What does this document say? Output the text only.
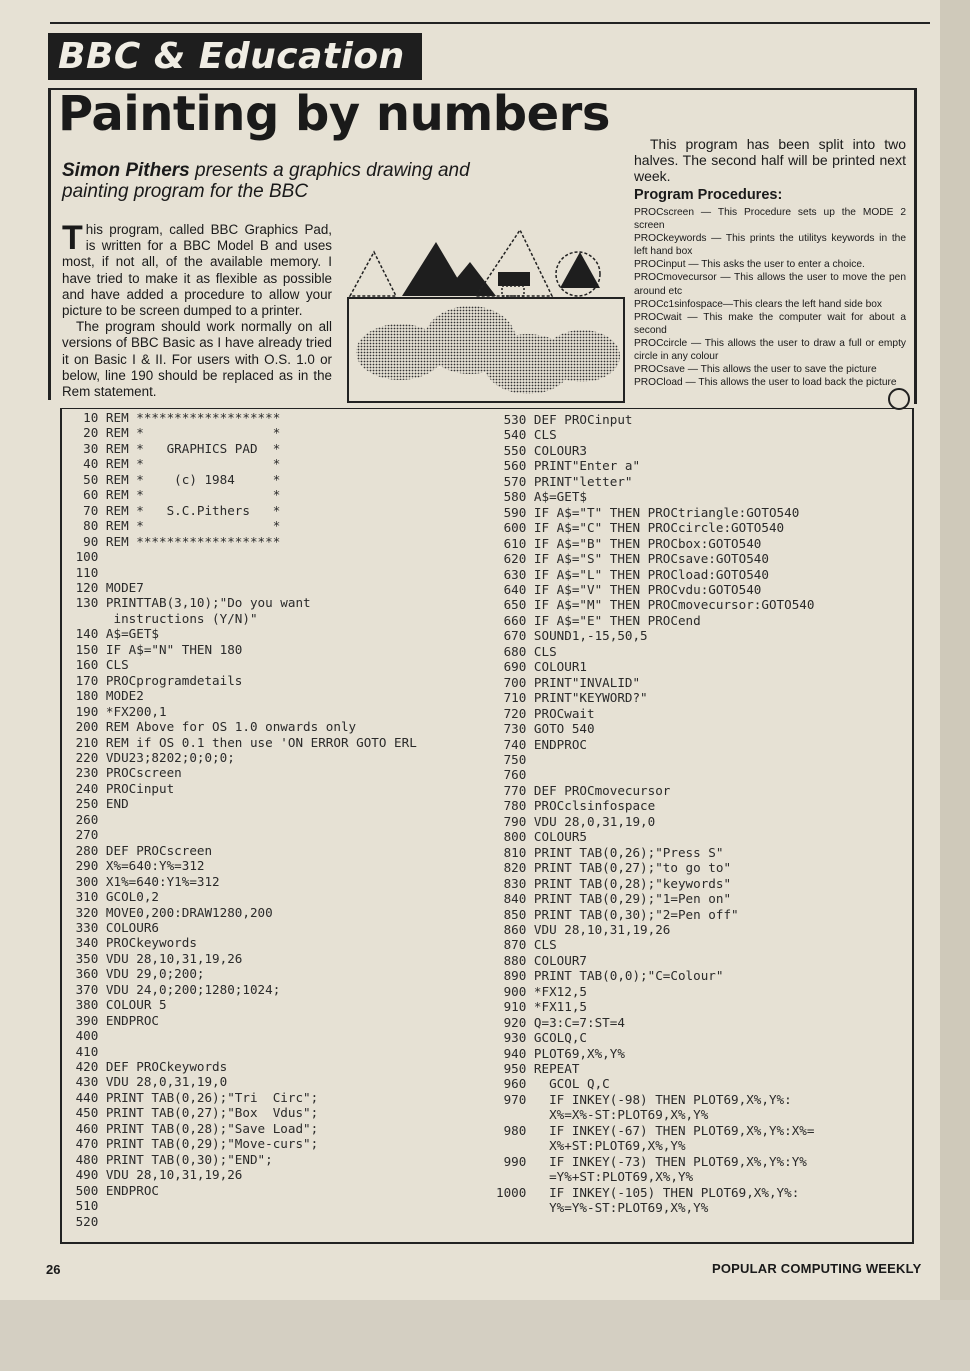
BBC & Education
Painting by numbers
Simon Pithers presents a graphics drawing and painting program for the BBC

This program, called BBC Graphics Pad, is written for a BBC Model B and uses most, if not all, of the available memory. I have tried to make it as flexible as possible and have added a procedure to allow your picture to be screen dumped to a printer.

The program should work normally on all versions of BBC Basic as I have already tried it on Basic I & II. For users with O.S. 1.0 or below, line 190 should be replaced as in the Rem statement.

This program has been split into two halves. The second half will be printed next week.

Program Procedures:

PROCscreen — This Procedure sets up the MODE 2 screen

PROCkeywords — This prints the utilitys keywords in the left hand box

PROCinput — This asks the user to enter a choice.

PROCmovecursor — This allows the user to move the pen around etc

PROCc1sinfospace—This clears the left hand side box

PROCwait — This make the computer wait for about a second

PROCcircle — This allows the user to draw a full or empty circle in any colour

PROCsave — This allows the user to save the picture

PROCload — This allows the user to load back the picture

10 REM *******************
20 REM *                 *
30 REM *   GRAPHICS PAD  *
40 REM *                 *
50 REM *    (c) 1984     *
60 REM *                 *
70 REM *   S.C.Pithers   *
80 REM *                 *
90 REM *******************
100
110
120 MODE7
130 PRINTTAB(3,10);"Do you want
instructions (Y/N)"
140 A$=GET$
150 IF A$="N" THEN 180
160 CLS
170 PROCprogramdetails
180 MODE2
190 *FX200,1
200 REM Above for OS 1.0 onwards only
210 REM if OS 0.1 then use 'ON ERROR GOTO ERL
220 VDU23;8202;0;0;0;
230 PROCscreen
240 PROCinput
250 END
260
270
280 DEF PROCscreen
290 X%=640:Y%=312
300 X1%=640:Y1%=312
310 GCOL0,2
320 MOVE0,200:DRAW1280,200
330 COLOUR6
340 PROCkeywords
350 VDU 28,10,31,19,26
360 VDU 29,0;200;
370 VDU 24,0;200;1280;1024;
380 COLOUR 5
390 ENDPROC
400
410
420 DEF PROCkeywords
430 VDU 28,0,31,19,0
440 PRINT TAB(0,26);"Tri  Circ";
450 PRINT TAB(0,27);"Box  Vdus";
460 PRINT TAB(0,28);"Save Load";
470 PRINT TAB(0,29);"Move-curs";
480 PRINT TAB(0,30);"END";
490 VDU 28,10,31,19,26
500 ENDPROC
510
520
530 DEF PROCinput
540 CLS
550 COLOUR3
560 PRINT"Enter a"
570 PRINT"letter"
580 A$=GET$
590 IF A$="T" THEN PROCtriangle:GOTO540
600 IF A$="C" THEN PROCcircle:GOTO540
610 IF A$="B" THEN PROCbox:GOTO540
620 IF A$="S" THEN PROCsave:GOTO540
630 IF A$="L" THEN PROCload:GOTO540
640 IF A$="V" THEN PROCvdu:GOTO540
650 IF A$="M" THEN PROCmovecursor:GOTO540
660 IF A$="E" THEN PROCend
670 SOUND1,-15,50,5
680 CLS
690 COLOUR1
700 PRINT"INVALID"
710 PRINT"KEYWORD?"
720 PROCwait
730 GOTO 540
740 ENDPROC
750
760
770 DEF PROCmovecursor
780 PROCclsinfospace
790 VDU 28,0,31,19,0
800 COLOUR5
810 PRINT TAB(0,26);"Press S"
820 PRINT TAB(0,27);"to go to"
830 PRINT TAB(0,28);"keywords"
840 PRINT TAB(0,29);"1=Pen on"
850 PRINT TAB(0,30);"2=Pen off"
860 VDU 28,10,31,19,26
870 CLS
880 COLOUR7
890 PRINT TAB(0,0);"C=Colour"
900 *FX12,5
910 *FX11,5
920 Q=3:C=7:ST=4
930 GCOLQ,C
940 PLOT69,X%,Y%
950 REPEAT
960   GCOL Q,C
970   IF INKEY(-98) THEN PLOT69,X%,Y%:
X%=X%-ST:PLOT69,X%,Y%
980   IF INKEY(-67) THEN PLOT69,X%,Y%:X%=
X%+ST:PLOT69,X%,Y%
990   IF INKEY(-73) THEN PLOT69,X%,Y%:Y%
=Y%+ST:PLOT69,X%,Y%
1000   IF INKEY(-105) THEN PLOT69,X%,Y%:
Y%=Y%-ST:PLOT69,X%,Y%
26	POPULAR COMPUTING WEEKLY
